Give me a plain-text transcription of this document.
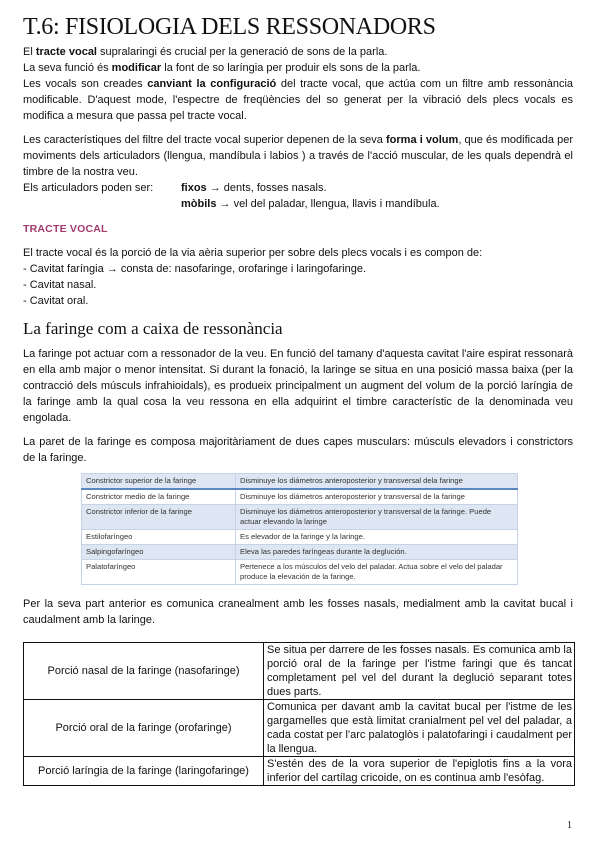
T.6: FISIOLOGIA DELS RESSONADORS

El tracte vocal supralaringi és crucial per la generació de sons de la parla.

La seva funció és modificar la font de so laríngia per produir els sons de la parla.

Les vocals son creades canviant la configuració del tracte vocal, que actúa com un filtre amb ressonància modificable. D'aquest mode, l'espectre de freqüències del so generat per la vibració dels plecs vocals es modifica a mesura que passa pel tracte vocal.

Les característiques del filtre del tracte vocal superior depenen de la seva forma i volum, que és modificada per moviments dels articuladors (llengua, mandíbula i labios ) a través de l'acció muscular, de les quals dependrà el timbre de la nostra veu.

Els articuladors poden ser:	fixos → dents, fosses nasals.
mòbils → vel del paladar, llengua, llavis i mandíbula.
TRACTE VOCAL

El tracte vocal és la porció de la via aèria superior per sobre dels plecs vocals i es compon de:

- Cavitat faríngia → consta de: nasofaringe, orofaringe i laringofaringe.
- Cavitat nasal.
- Cavitat oral.
La faringe com a caixa de ressonància

La faringe pot actuar com a ressonador de la veu. En funció del tamany d'aquesta cavitat l'aire espirat ressonarà en ella amb major o menor intensitat. Si durant la fonació, la laringe se situa en una posició massa baixa (per la contracció dels músculs infrahioidals), es produeix principalment un augment del volum de la porció laríngia de la faringe amb la qual cosa la veu ressona en ella adquirint el timbre característic de la denominada veu engolada.

La paret de la faringe es composa majoritàriament de dues capes musculars: músculs elevadors i constrictors de la faringe.

Constrictor superior de la faringe	Disminuye los diámetros anteroposterior y transversal dela faringe
Constrictor medio de la faringe	Disminuye los diámetros anteroposterior y transversal de la faringe
Constrictor inferior de la faringe	Disminuye los diámetros anteroposterior y transversal de la faringe. Puede actuar elevando la laringe
Estilofaríngeo	Es elevador de la faringe y la laringe.
Salpingofaríngeo	Eleva las paredes faríngeas durante la deglución.
Palatofaríngeo	Pertenece a los músculos del velo del paladar. Actua sobre el velo del paladar produce la elevación de la faringe.

Per la seva part anterior es comunica cranealment amb les fosses nasals, medialment amb la cavitat bucal i caudalment amb la laringe.

Porció nasal de la faringe (nasofaringe)	Se situa per darrere de les fosses nasals. Es comunica amb la porció oral de la faringe per l'istme faringi que és tancat completament pel vel del durant la deglució separant totes dues parts.
Porció oral de la faringe (orofaringe)	Comunica per davant amb la cavitat bucal per l'istme de les gargamelles que està limitat cranialment pel vel del paladar, a cada costat per l'arc palatoglòs i palatofaringi i caudalment per la llengua.
Porció laríngia de la faringe (laringofaringe)	S'estén des de la vora superior de l'epiglotis fins a la vora inferior del cartílag cricoide, on es continua amb l'esòfag.
1
